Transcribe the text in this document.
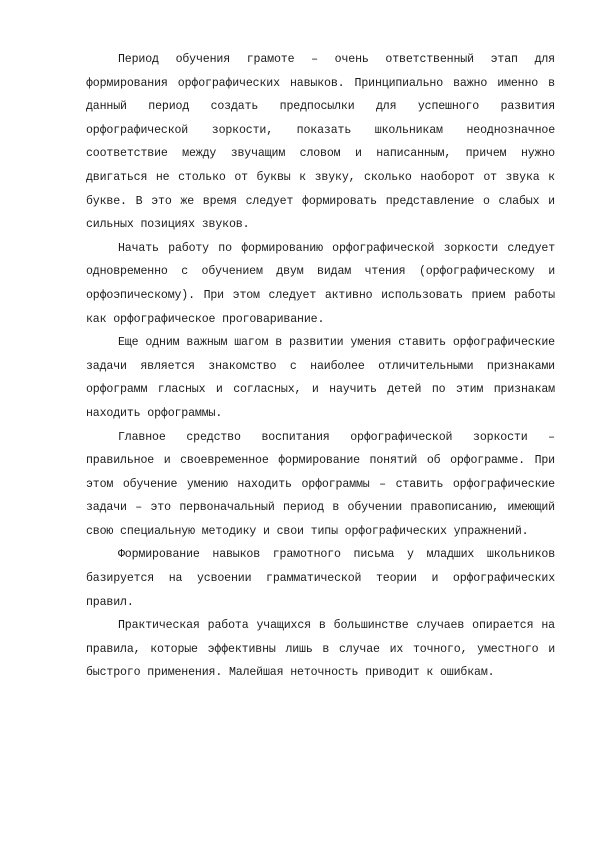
Период обучения грамоте – очень ответственный этап для формирования орфографических навыков. Принципиально важно именно в данный период создать предпосылки для успешного развития орфографической зоркости, показать школьникам неоднозначное соответствие между звучащим словом и написанным, причем нужно двигаться не столько от буквы к звуку, сколько наоборот от звука к букве. В это же время следует формировать представление о слабых и сильных позициях звуков.

Начать работу по формированию орфографической зоркости следует одновременно с обучением двум видам чтения (орфографическому и орфоэпическому). При этом следует активно использовать прием работы как орфографическое проговаривание.

Еще одним важным шагом в развитии умения ставить орфографические задачи является знакомство с наиболее отличительными признаками орфограмм гласных и согласных, и научить детей по этим признакам находить орфограммы.

Главное средство воспитания орфографической зоркости – правильное и своевременное формирование понятий об орфограмме. При этом обучение умению находить орфограммы – ставить орфографические задачи – это первоначальный период в обучении правописанию, имеющий свою специальную методику и свои типы орфографических упражнений.

Формирование навыков грамотного письма у младших школьников базируется на усвоении грамматической теории и орфографических правил.

Практическая работа учащихся в большинстве случаев опирается на правила, которые эффективны лишь в случае их точного, уместного и быстрого применения. Малейшая неточность приводит к ошибкам.
